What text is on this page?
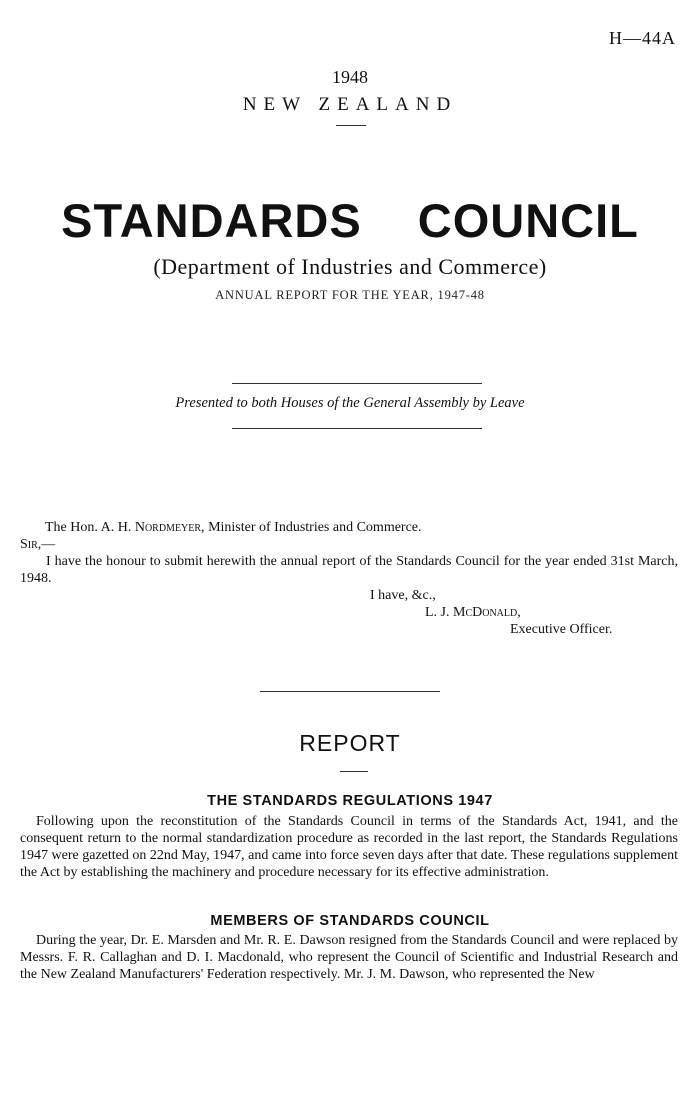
H—44A
1948
NEW ZEALAND
STANDARDS COUNCIL
(Department of Industries and Commerce)
ANNUAL REPORT FOR THE YEAR, 1947-48
Presented to both Houses of the General Assembly by Leave
The Hon. A. H. Nordmeyer, Minister of Industries and Commerce.
Sir,—
I have the honour to submit herewith the annual report of the Standards Council for the year ended 31st March, 1948.
I have, &c.,
L. J. McDonald,
Executive Officer.
REPORT
THE STANDARDS REGULATIONS 1947
Following upon the reconstitution of the Standards Council in terms of the Standards Act, 1941, and the consequent return to the normal standardization procedure as recorded in the last report, the Standards Regulations 1947 were gazetted on 22nd May, 1947, and came into force seven days after that date. These regulations supplement the Act by establishing the machinery and procedure necessary for its effective administration.
MEMBERS OF STANDARDS COUNCIL
During the year, Dr. E. Marsden and Mr. R. E. Dawson resigned from the Standards Council and were replaced by Messrs. F. R. Callaghan and D. I. Macdonald, who represent the Council of Scientific and Industrial Research and the New Zealand Manufacturers' Federation respectively. Mr. J. M. Dawson, who represented the New
